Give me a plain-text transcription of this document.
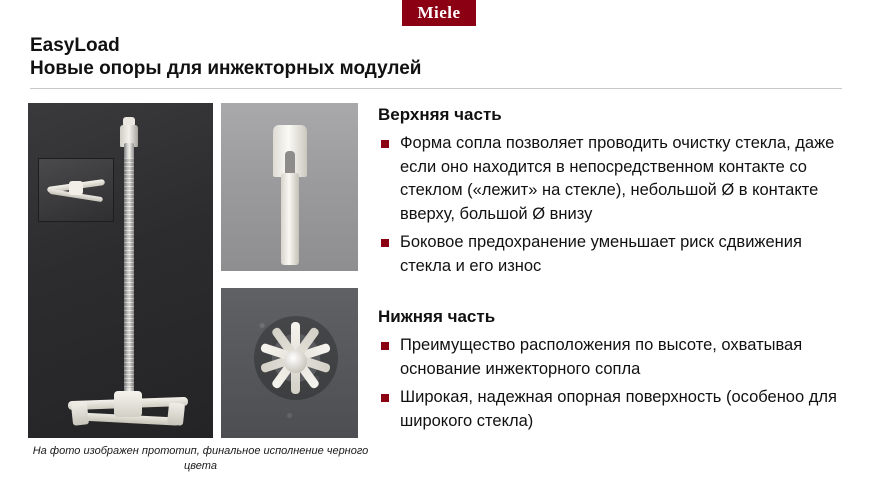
Miele
EasyLoad
Новые опоры для инжекторных модулей
На фото изображен прототип, финальное исполнение черного цвета
Верхняя часть
Форма сопла позволяет проводить очистку стекла, даже если оно находится в непосредственном контакте со стеклом («лежит» на стекле), небольшой Ø в контакте вверху, большой Ø внизу
Боковое предохранение уменьшает риск сдвижения стекла и его износ
Нижняя часть
Преимущество расположения по высоте, охватывая основание инжекторного сопла
Широкая, надежная опорная поверхность (особеноо для широкого стекла)
